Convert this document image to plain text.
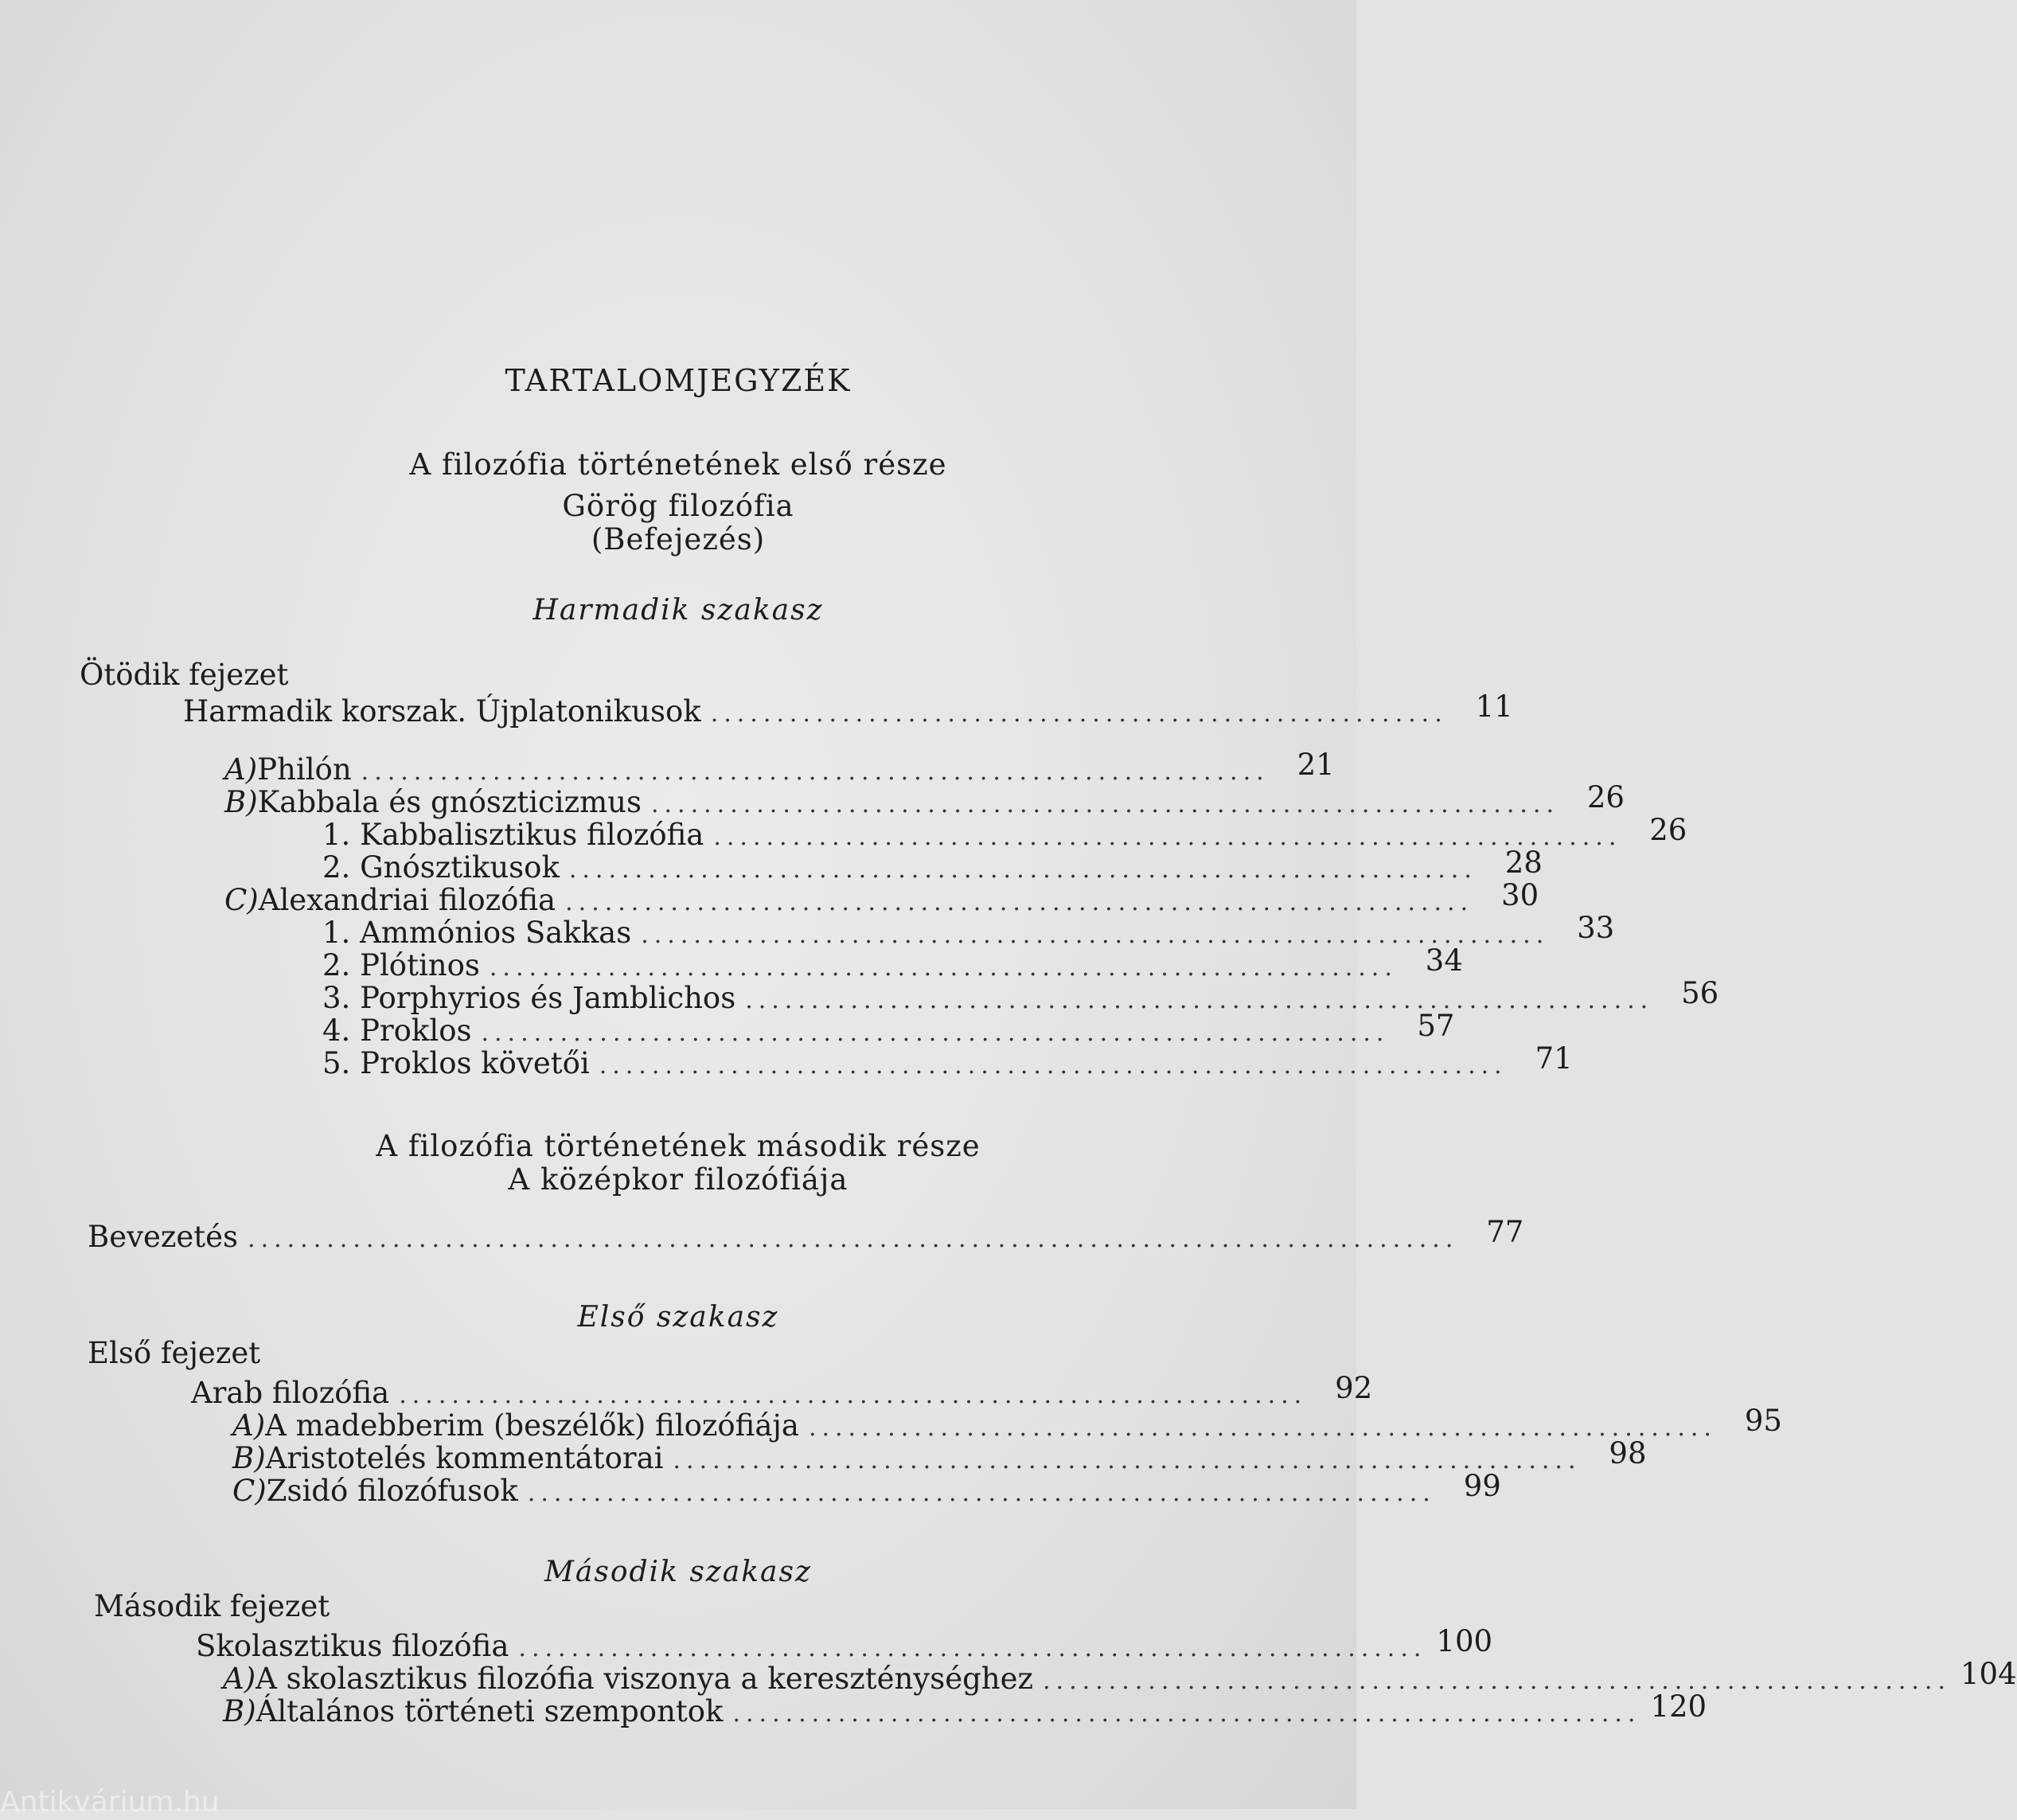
TARTALOMJEGYZÉK
A filozófia történetének első része
Görög filozófia
(Befejezés)
Harmadik szakasz
Ötödik fejezet
Harmadik korszak. Újplatonikusok ........................................................ 11
A) Philón ..................................................................... 21
B) Kabbala és gnószticizmus ..................................................................... 26
1.
Kabbalisztikus filozófia ..................................................................... 26
2.
Gnósztikusok ..................................................................... 28
C) Alexandriai filozófia ..................................................................... 30
1.
Ammónios Sakkas ..................................................................... 33
2.
Plótinos ..................................................................... 34
3.
Porphyrios és Jamblichos ..................................................................... 56
4.
Proklos ..................................................................... 57
5.
Proklos követői ..................................................................... 71
A filozófia történetének második része
A középkor filozófiája
Bevezetés ............................................................................................ 77
Első szakasz
Első fejezet
Arab filozófia ..................................................................... 92
A) A madebberim (beszélők) filozófiája ..................................................................... 95
B) Aristotelés kommentátorai ..................................................................... 98
C) Zsidó filozófusok ..................................................................... 99
Második szakasz
Második fejezet
Skolasztikus filozófia ..................................................................... 100
A) A skolasztikus filozófia viszonya a kereszténységhez ..................................................................... 104
B) Általános történeti szempontok ..................................................................... 120
Antikvárium.hu
